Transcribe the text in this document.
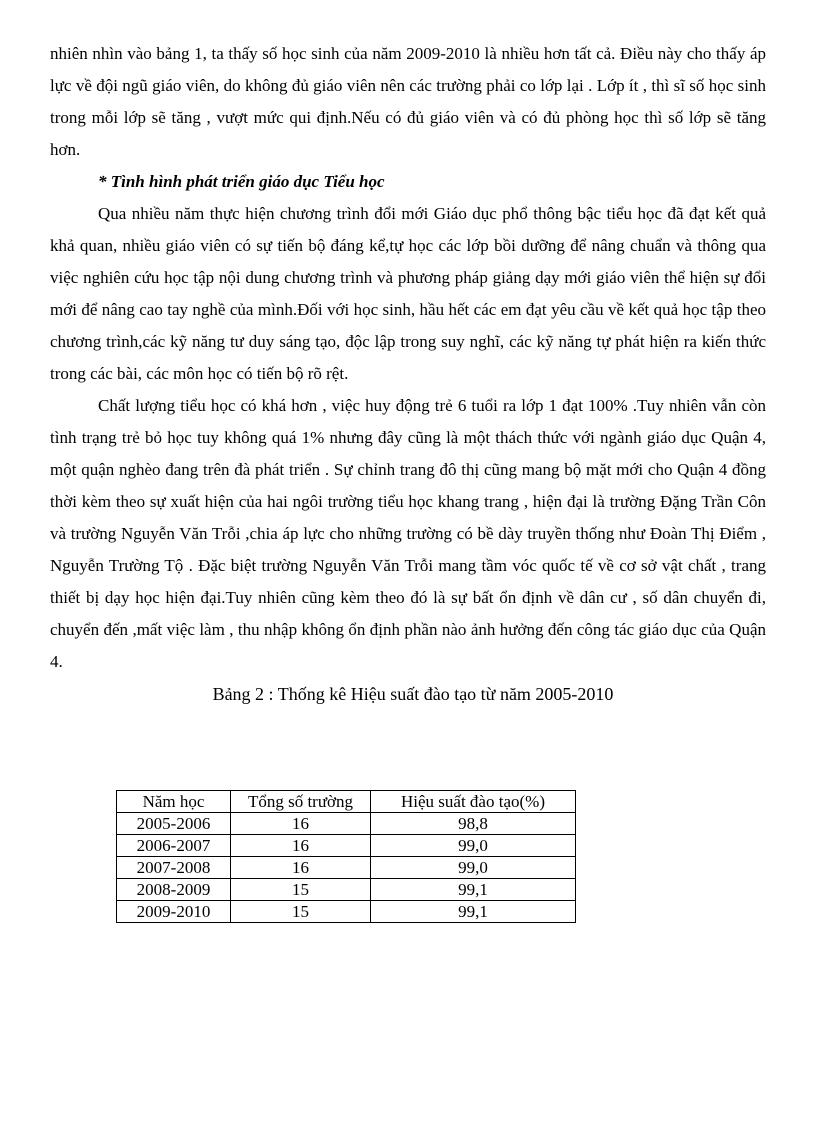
nhiên nhìn vào bảng 1, ta thấy số học sinh của năm 2009-2010 là nhiều hơn tất cả. Điều này cho thấy áp lực về đội ngũ giáo viên, do không đủ giáo viên nên các trường phải co lớp lại . Lớp ít , thì sĩ số học sinh trong mỗi lớp sẽ tăng , vượt mức qui định.Nếu có đủ giáo viên và có đủ phòng học thì số lớp sẽ tăng hơn.

* Tình hình phát triển giáo dục Tiểu học

Qua nhiều năm thực hiện chương trình đổi mới Giáo dục phổ thông bậc tiểu học đã đạt kết quả khả quan, nhiều giáo viên có sự tiến bộ đáng kể,tự học các lớp bồi dưỡng để nâng chuẩn và thông qua việc nghiên cứu học tập nội dung chương trình và phương pháp giảng dạy mới giáo viên thể hiện sự đổi mới để nâng cao tay nghề của mình.Đối với học sinh, hầu hết các em đạt yêu cầu về kết quả học tập theo chương trình,các kỹ năng tư duy sáng tạo, độc lập trong suy nghĩ, các kỹ năng tự phát hiện ra kiến thức trong các bài, các môn học có tiến bộ rõ rệt.

Chất lượng tiểu học có khá hơn , việc huy động trẻ 6 tuổi ra lớp 1 đạt 100% .Tuy nhiên vẫn còn tình trạng trẻ bỏ học tuy không quá 1% nhưng đây cũng là một thách thức với ngành giáo dục Quận 4, một quận nghèo đang trên đà phát triển . Sự chỉnh trang đô thị cũng mang bộ mặt mới cho Quận 4 đồng thời kèm theo sự xuất hiện của hai ngôi trường tiểu học khang trang , hiện đại là trường Đặng Trần Côn và trường Nguyễn Văn Trỗi ,chia áp lực cho những trường có bề dày truyền thống như Đoàn Thị Điểm , Nguyễn Trường Tộ . Đặc biệt trường Nguyễn Văn Trỗi mang tầm vóc quốc tế về cơ sở vật chất , trang thiết bị dạy học hiện đại.Tuy nhiên cũng kèm theo đó là sự bất ổn định về dân cư , số dân chuyển đi, chuyển đến ,mất việc làm , thu nhập không ổn định phần nào ảnh hưởng đến công tác giáo dục của Quận 4.

Bảng 2 : Thống kê Hiệu suất đào tạo từ năm 2005-2010

Năm học	Tổng số trường	Hiệu suất đào tạo(%)
2005-2006	16	98,8
2006-2007	16	99,0
2007-2008	16	99,0
2008-2009	15	99,1
2009-2010	15	99,1
